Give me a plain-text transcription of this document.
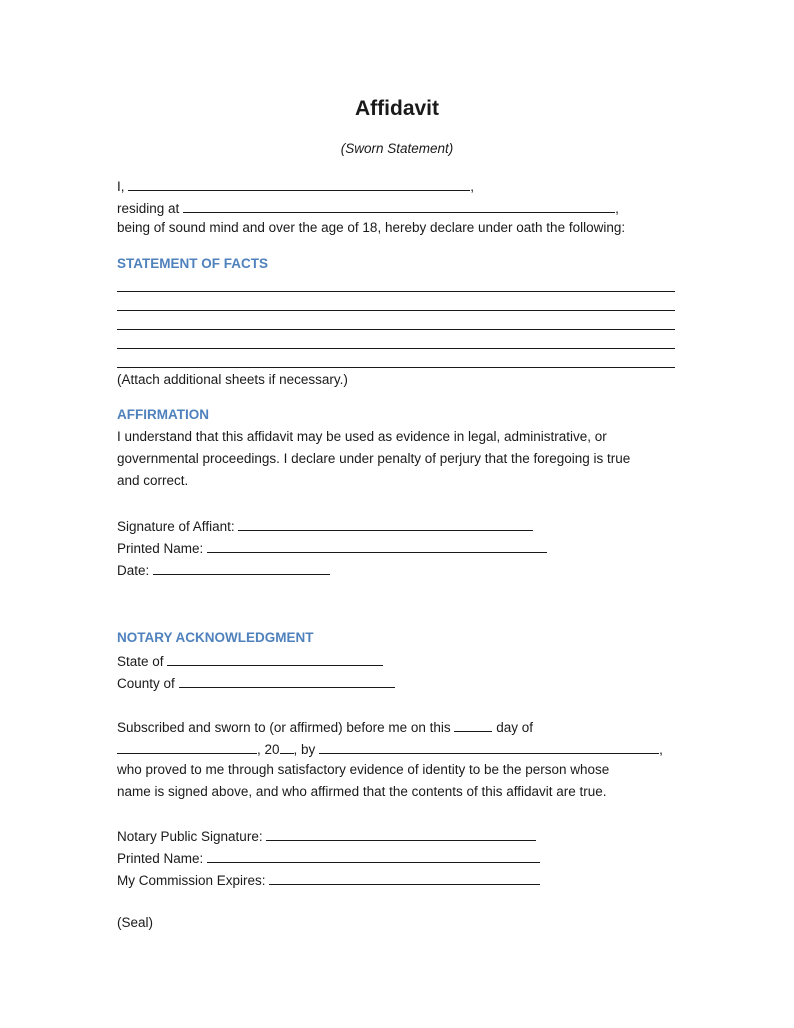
Affidavit
(Sworn Statement)
I,	,
residing at	,
being of sound mind and over the age of 18, hereby declare under oath the following:
STATEMENT OF FACTS
(Attach additional sheets if necessary.)
AFFIRMATION
I understand that this affidavit may be used as evidence in legal, administrative, or
governmental proceedings. I declare under penalty of perjury that the foregoing is true
and correct.
Signature of Affiant:
Printed Name:
Date:
NOTARY ACKNOWLEDGMENT
State of
County of
Subscribed and sworn to (or affirmed) before me on this	day of
, 20 , by	,
who proved to me through satisfactory evidence of identity to be the person whose
name is signed above, and who affirmed that the contents of this affidavit are true.
Notary Public Signature:
Printed Name:
My Commission Expires:
(Seal)
